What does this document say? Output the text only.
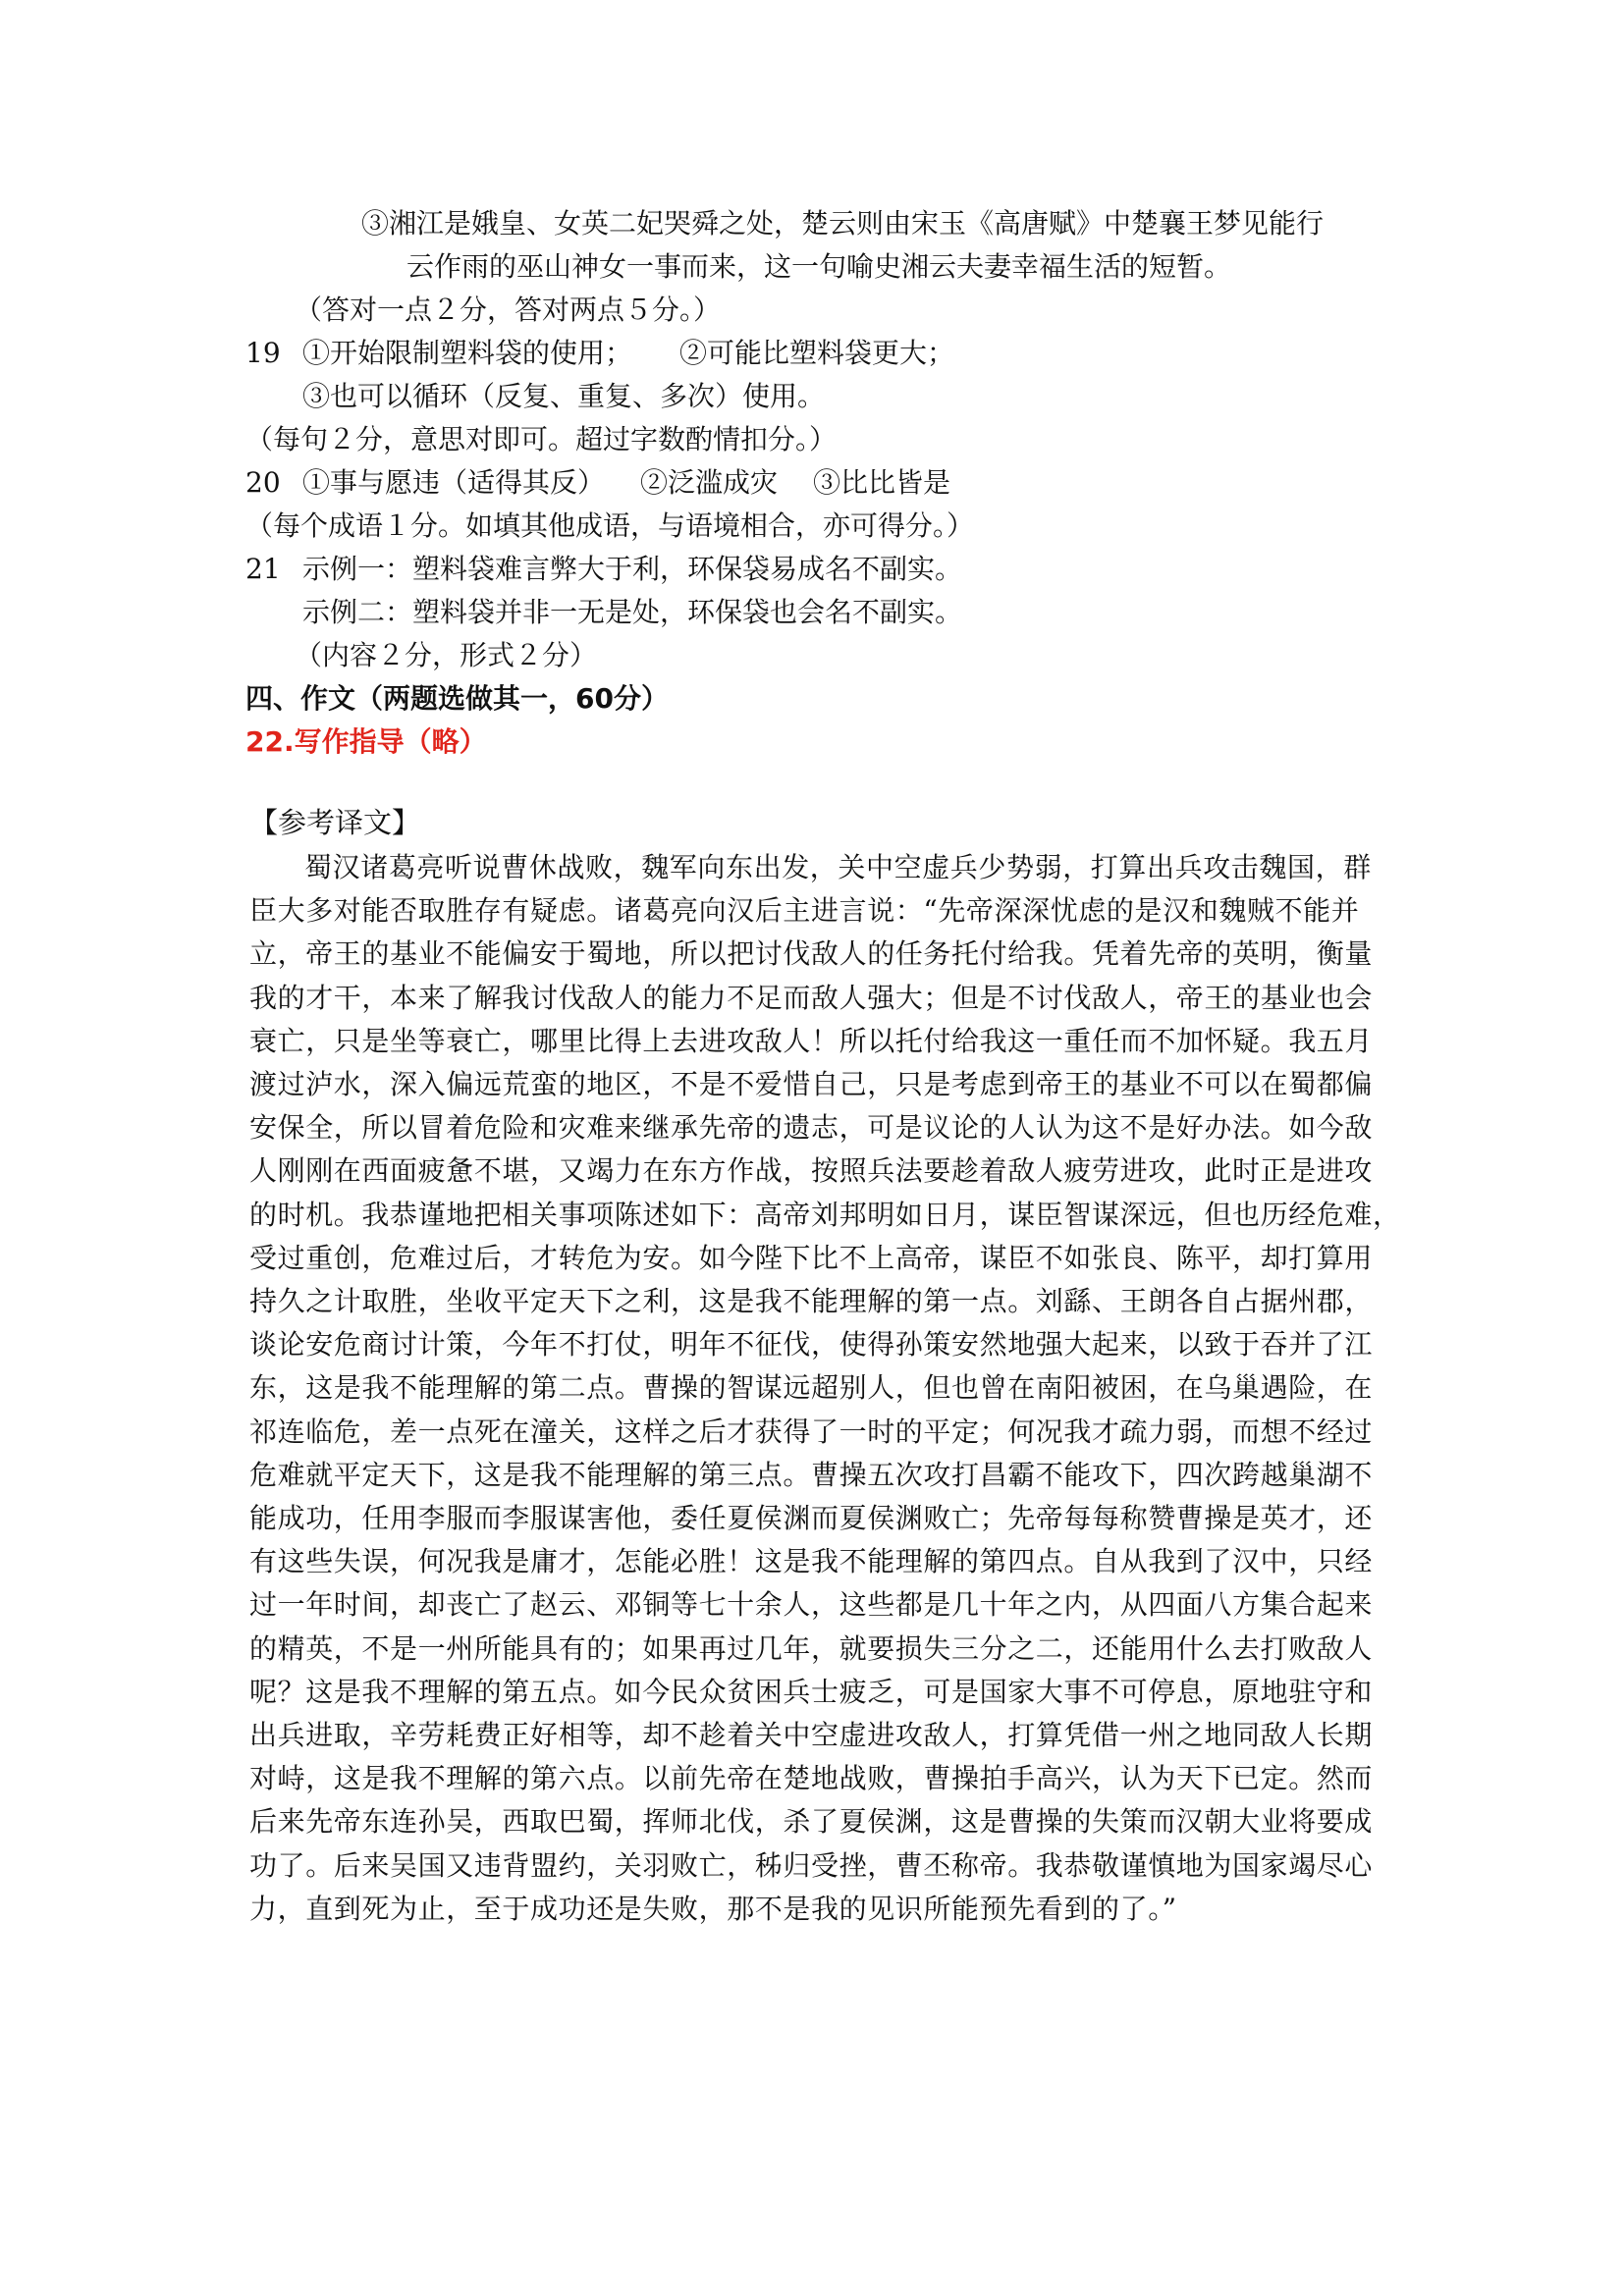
③湘江是娥皇、女英二妃哭舜之处，楚云则由宋玉《高唐赋》中楚襄王梦见能行
云作雨的巫山神女一事而来，这一句喻史湘云夫妻幸福生活的短暂。
（答对一点２分，答对两点５分。）
19 ①开始限制塑料袋的使用； ②可能比塑料袋更大；
③也可以循环（反复、重复、多次）使用。
（每句２分，意思对即可。超过字数酌情扣分。）
20 ①事与愿违（适得其反） ②泛滥成灾 ③比比皆是
（每个成语１分。如填其他成语，与语境相合，亦可得分。）
21 示例一：塑料袋难言弊大于利，环保袋易成名不副实。
示例二：塑料袋并非一无是处，环保袋也会名不副实。
（内容２分，形式２分）
四、作文（两题选做其一，60分）
22.写作指导（略）
【参考译文】
蜀汉诸葛亮听说曹休战败，魏军向东出发，关中空虚兵少势弱，打算出兵攻击魏国，群
臣大多对能否取胜存有疑虑。诸葛亮向汉后主进言说：“先帝深深忧虑的是汉和魏贼不能并
立，帝王的基业不能偏安于蜀地，所以把讨伐敌人的任务托付给我。凭着先帝的英明，衡量
我的才干，本来了解我讨伐敌人的能力不足而敌人强大；但是不讨伐敌人，帝王的基业也会
衰亡，只是坐等衰亡，哪里比得上去进攻敌人！所以托付给我这一重任而不加怀疑。我五月
渡过泸水，深入偏远荒蛮的地区，不是不爱惜自己，只是考虑到帝王的基业不可以在蜀都偏
安保全，所以冒着危险和灾难来继承先帝的遗志，可是议论的人认为这不是好办法。如今敌
人刚刚在西面疲惫不堪，又竭力在东方作战，按照兵法要趁着敌人疲劳进攻，此时正是进攻
的时机。我恭谨地把相关事项陈述如下：高帝刘邦明如日月，谋臣智谋深远，但也历经危难，
受过重创，危难过后，才转危为安。如今陛下比不上高帝，谋臣不如张良、陈平，却打算用
持久之计取胜，坐收平定天下之利，这是我不能理解的第一点。刘繇、王朗各自占据州郡，
谈论安危商讨计策，今年不打仗，明年不征伐，使得孙策安然地强大起来，以致于吞并了江
东，这是我不能理解的第二点。曹操的智谋远超别人，但也曾在南阳被困，在乌巢遇险，在
祁连临危，差一点死在潼关，这样之后才获得了一时的平定；何况我才疏力弱，而想不经过
危难就平定天下，这是我不能理解的第三点。曹操五次攻打昌霸不能攻下，四次跨越巢湖不
能成功，任用李服而李服谋害他，委任夏侯渊而夏侯渊败亡；先帝每每称赞曹操是英才，还
有这些失误，何况我是庸才，怎能必胜！这是我不能理解的第四点。自从我到了汉中，只经
过一年时间，却丧亡了赵云、邓铜等七十余人，这些都是几十年之内，从四面八方集合起来
的精英，不是一州所能具有的；如果再过几年，就要损失三分之二，还能用什么去打败敌人
呢？这是我不理解的第五点。如今民众贫困兵士疲乏，可是国家大事不可停息，原地驻守和
出兵进取，辛劳耗费正好相等，却不趁着关中空虚进攻敌人，打算凭借一州之地同敌人长期
对峙，这是我不理解的第六点。以前先帝在楚地战败，曹操拍手高兴，认为天下已定。然而
后来先帝东连孙吴，西取巴蜀，挥师北伐，杀了夏侯渊，这是曹操的失策而汉朝大业将要成
功了。后来吴国又违背盟约，关羽败亡，秭归受挫，曹丕称帝。我恭敬谨慎地为国家竭尽心
力，直到死为止，至于成功还是失败，那不是我的见识所能预先看到的了。”
